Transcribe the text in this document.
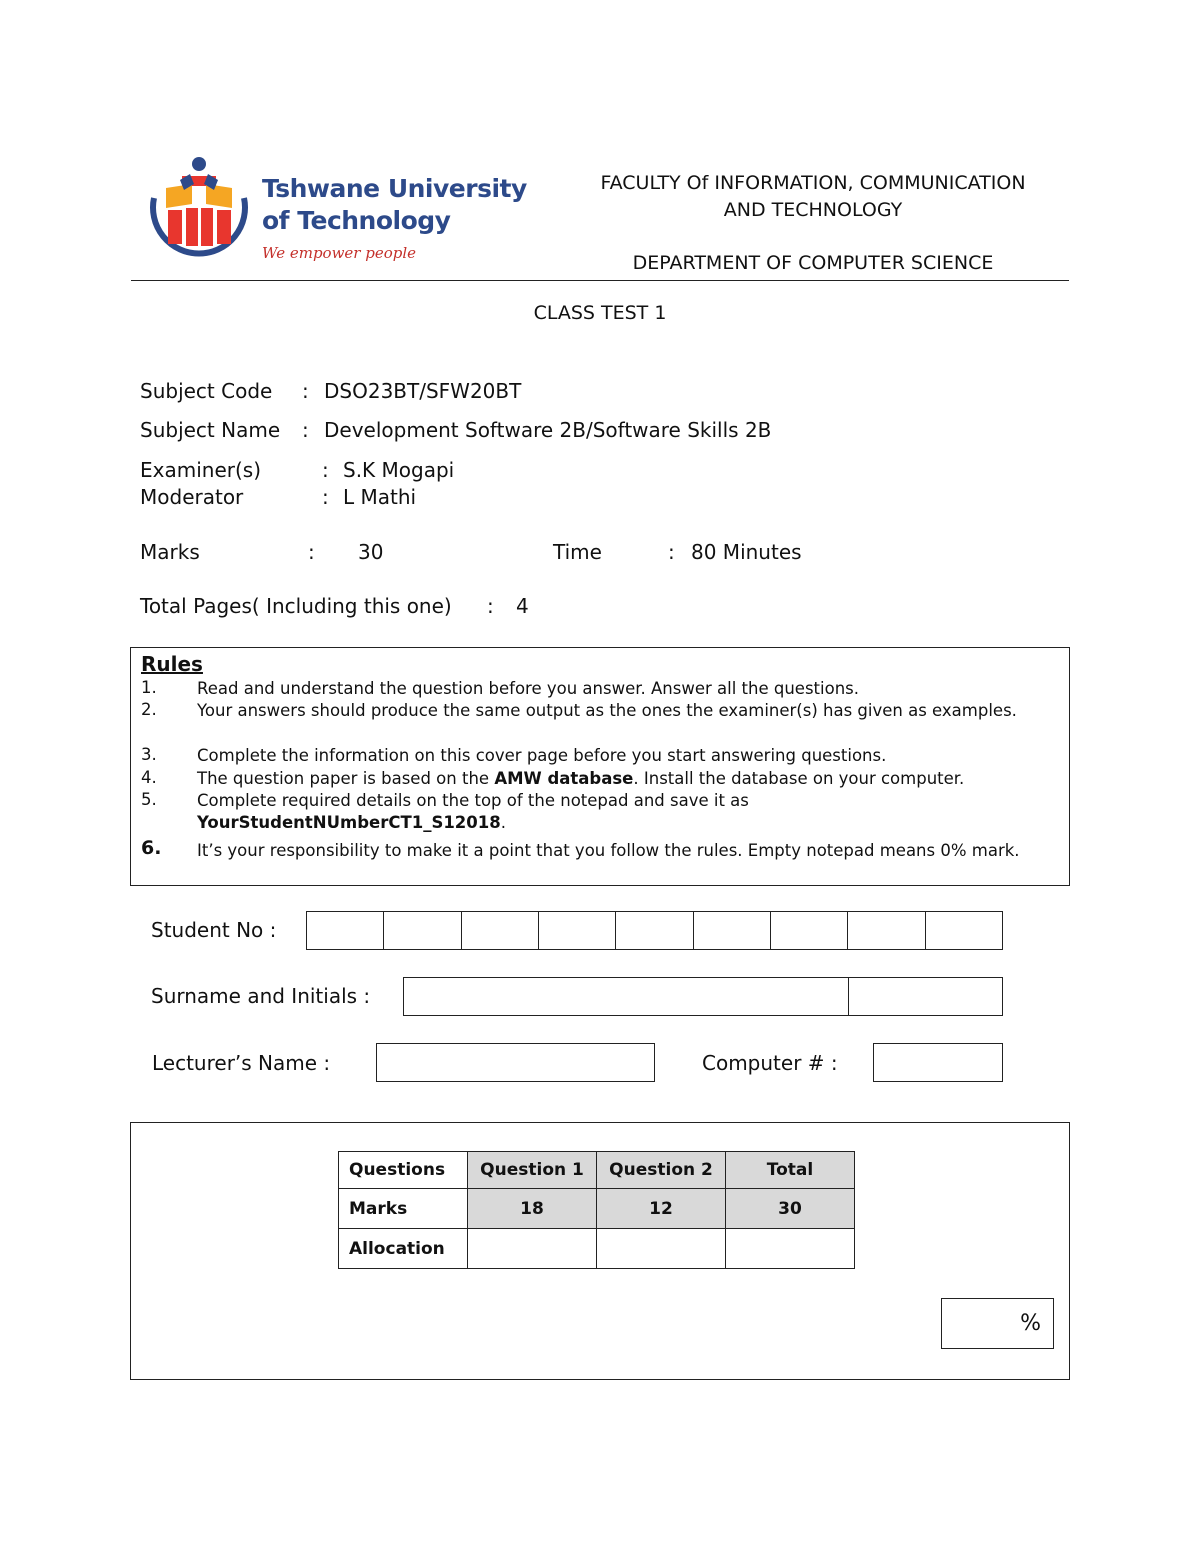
Tshwane University
of Technology
We empower people
FACULTY Of INFORMATION, COMMUNICATION
AND TECHNOLOGY
DEPARTMENT OF COMPUTER SCIENCE
CLASS TEST 1
Subject Code : DSO23BT/SFW20BT
Subject Name : Development Software 2B/Software Skills 2B
Examiner(s)	: S.K Mogapi
Moderator	: L Mathi
Marks	: 30	Time	: 80 Minutes
Total Pages( Including this one) : 4
Rules
1. Read and understand the question before you answer. Answer all the questions.
2. Your answers should produce the same output as the ones the examiner(s) has given as examples.
3. Complete the information on this cover page before you start answering questions.
4. The question paper is based on the AMW database. Install the database on your computer.
5. Complete required details on the top of the notepad and save it as YourStudentNUmberCT1_S12018.
6. It’s your responsibility to make it a point that you follow the rules. Empty notepad means 0% mark.
Student No :
Surname and Initials :
Lecturer’s Name :	Computer # :
Questions	Question 1	Question 2	Total
Marks	18	12	30
Allocation			
%
